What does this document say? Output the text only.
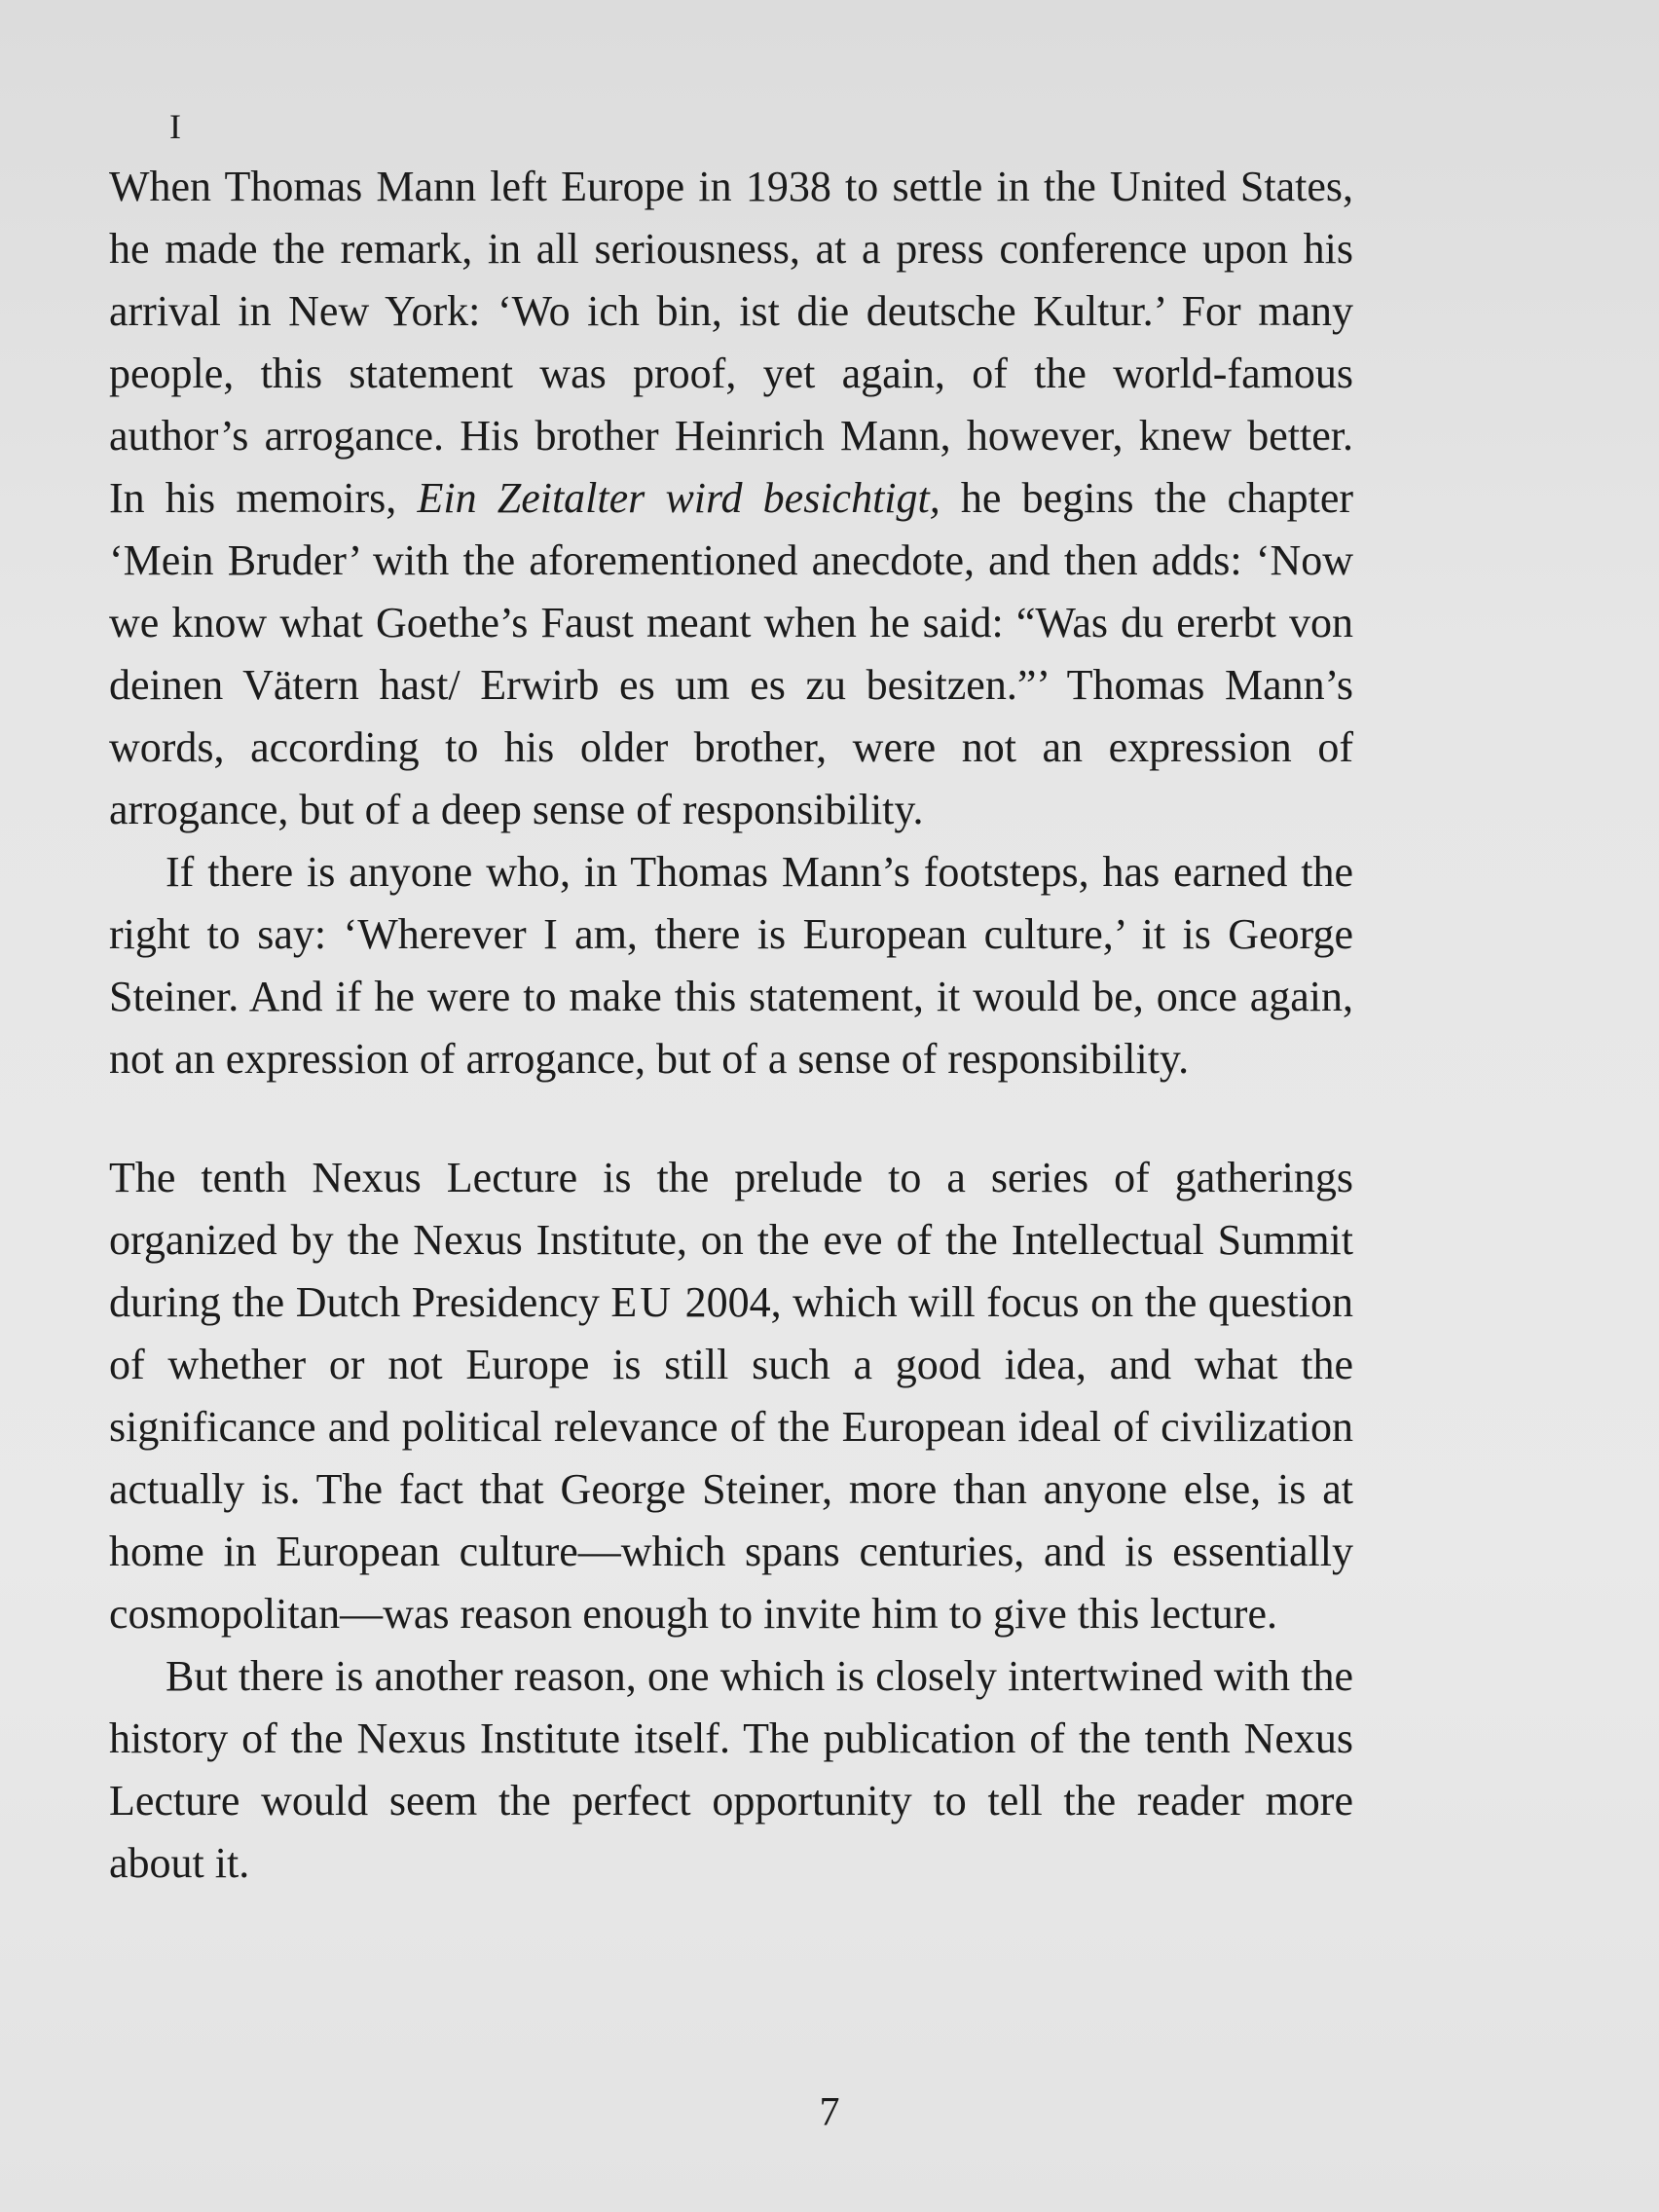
I

When Thomas Mann left Europe in 1938 to settle in the United States, he made the remark, in all seriousness, at a press conference upon his arrival in New York: ‘Wo ich bin, ist die deutsche Kultur.’ For many people, this statement was proof, yet again, of the world-famous author’s arrogance. His brother Heinrich Mann, however, knew better. In his memoirs, Ein Zeitalter wird besichtigt, he begins the chapter ‘Mein Bruder’ with the aforementioned anecdote, and then adds: ‘Now we know what Goethe’s Faust meant when he said: “Was du ererbt von deinen Vätern hast/ Erwirb es um es zu besitzen.”’ Thomas Mann’s words, according to his older brother, were not an expression of arrogance, but of a deep sense of responsibility.

If there is anyone who, in Thomas Mann’s footsteps, has earned the right to say: ‘Wherever I am, there is European culture,’ it is George Steiner. And if he were to make this statement, it would be, once again, not an expression of arrogance, but of a sense of responsibility.

The tenth Nexus Lecture is the prelude to a series of gatherings organized by the Nexus Institute, on the eve of the Intellectual Summit during the Dutch Presidency EU 2004, which will focus on the question of whether or not Europe is still such a good idea, and what the significance and political relevance of the European ideal of civilization actually is. The fact that George Steiner, more than anyone else, is at home in European culture—which spans centuries, and is essentially cosmopolitan—was reason enough to invite him to give this lecture.

But there is another reason, one which is closely intertwined with the history of the Nexus Institute itself. The publication of the tenth Nexus Lecture would seem the perfect opportunity to tell the reader more about it.

7
